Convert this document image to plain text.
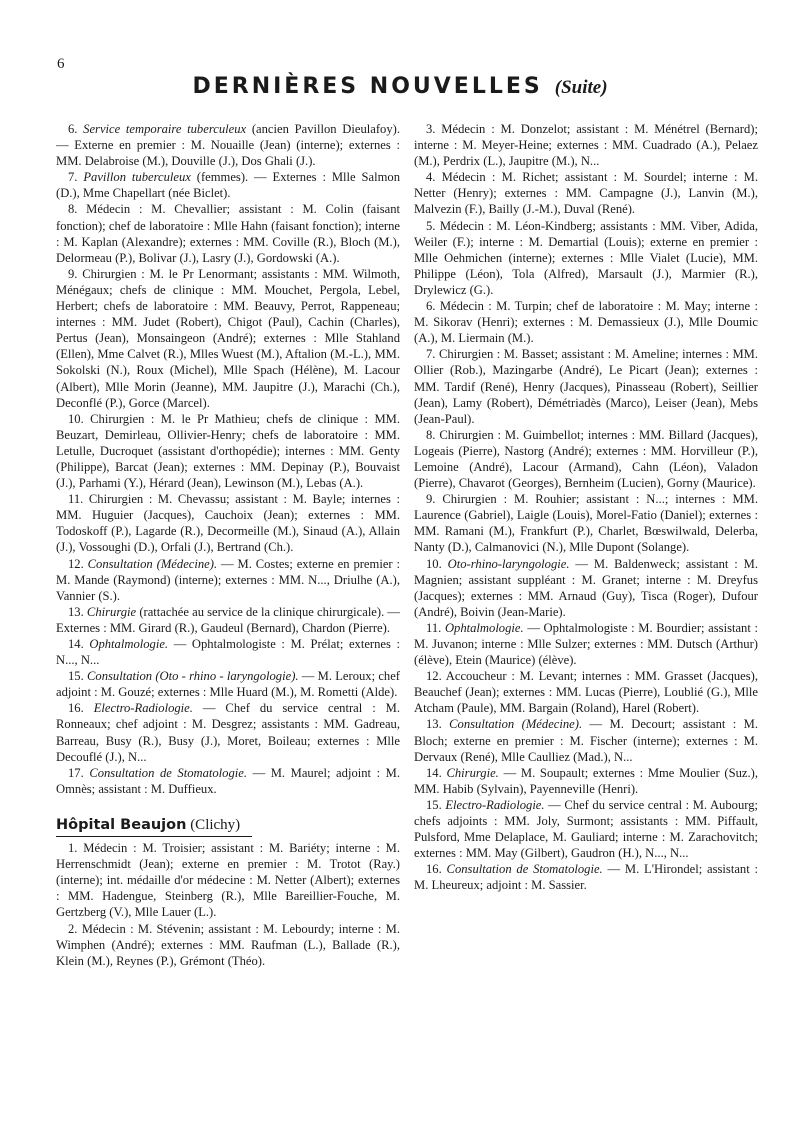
6
DERNIÈRES NOUVELLES (Suite)

6. Service temporaire tuberculeux (ancien Pavillon Dieulafoy). — Externe en premier : M. Nouaille (Jean) (interne); externes : MM. Delabroise (M.), Douville (J.), Dos Ghali (J.).

7. Pavillon tuberculeux (femmes). — Externes : Mlle Salmon (D.), Mme Chapellart (née Biclet).

8. Médecin : M. Chevallier; assistant : M. Colin (faisant fonction); chef de laboratoire : Mlle Hahn (faisant fonction); interne : M. Kaplan (Alexandre); externes : MM. Coville (R.), Bloch (M.), Delormeau (P.), Bolivar (J.), Lasry (J.), Gordowski (A.).

9. Chirurgien : M. le Pr Lenormant; assistants : MM. Wilmoth, Ménégaux; chefs de clinique : MM. Mouchet, Pergola, Lebel, Herbert; chefs de laboratoire : MM. Beauvy, Perrot, Rappeneau; internes : MM. Judet (Robert), Chigot (Paul), Cachin (Charles), Pertus (Jean), Monsaingeon (André); externes : Mlle Stahland (Ellen), Mme Calvet (R.), Mlles Wuest (M.), Aftalion (M.-L.), MM. Sokolski (N.), Roux (Michel), Mlle Spach (Hélène), M. Lacour (Albert), Mlle Morin (Jeanne), MM. Jaupitre (J.), Marachi (Ch.), Deconflé (P.), Gorce (Marcel).

10. Chirurgien : M. le Pr Mathieu; chefs de clinique : MM. Beuzart, Demirleau, Ollivier-Henry; chefs de laboratoire : MM. Letulle, Ducroquet (assistant d'orthopédie); internes : MM. Genty (Philippe), Barcat (Jean); externes : MM. Depinay (P.), Bouvaist (J.), Parhami (Y.), Hérard (Jean), Lewinson (M.), Lebas (A.).

11. Chirurgien : M. Chevassu; assistant : M. Bayle; internes : MM. Huguier (Jacques), Cauchoix (Jean); externes : MM. Todoskoff (P.), Lagarde (R.), Decormeille (M.), Sinaud (A.), Allain (J.), Vossoughi (D.), Orfali (J.), Bertrand (Ch.).

12. Consultation (Médecine). — M. Costes; externe en premier : M. Mande (Raymond) (interne); externes : MM. N..., Driulhe (A.), Vannier (S.).

13. Chirurgie (rattachée au service de la clinique chirurgicale). — Externes : MM. Girard (R.), Gaudeul (Bernard), Chardon (Pierre).

14. Ophtalmologie. — Ophtalmologiste : M. Prélat; externes : N..., N...

15. Consultation (Oto - rhino - laryngologie). — M. Leroux; chef adjoint : M. Gouzé; externes : Mlle Huard (M.), M. Rometti (Alde).

16. Electro-Radiologie. — Chef du service central : M. Ronneaux; chef adjoint : M. Desgrez; assistants : MM. Gadreau, Barreau, Busy (R.), Busy (J.), Moret, Boileau; externes : Mlle Decouflé (J.), N...

17. Consultation de Stomatologie. — M. Maurel; adjoint : M. Omnès; assistant : M. Duffieux.

Hôpital Beaujon (Clichy)

1. Médecin : M. Troisier; assistant : M. Bariéty; interne : M. Herrenschmidt (Jean); externe en premier : M. Trotot (Ray.) (interne); int. médaille d'or médecine : M. Netter (Albert); externes : MM. Hadengue, Steinberg (R.), Mlle Bareillier-Fouche, M. Gertzberg (V.), Mlle Lauer (L.).

2. Médecin : M. Stévenin; assistant : M. Lebourdy; interne : M. Wimphen (André); externes : MM. Raufman (L.), Ballade (R.), Klein (M.), Reynes (P.), Grémont (Théo).

3. Médecin : M. Donzelot; assistant : M. Ménétrel (Bernard); interne : M. Meyer-Heine; externes : MM. Cuadrado (A.), Pelaez (M.), Perdrix (L.), Jaupitre (M.), N...

4. Médecin : M. Richet; assistant : M. Sourdel; interne : M. Netter (Henry); externes : MM. Campagne (J.), Lanvin (M.), Malvezin (F.), Bailly (J.-M.), Duval (René).

5. Médecin : M. Léon-Kindberg; assistants : MM. Viber, Adida, Weiler (F.); interne : M. Demartial (Louis); externe en premier : Mlle Oehmichen (interne); externes : Mlle Vialet (Lucie), MM. Philippe (Léon), Tola (Alfred), Marsault (J.), Marmier (R.), Drylewicz (G.).

6. Médecin : M. Turpin; chef de laboratoire : M. May; interne : M. Sikorav (Henri); externes : M. Demassieux (J.), Mlle Doumic (A.), M. Liermain (M.).

7. Chirurgien : M. Basset; assistant : M. Ameline; internes : MM. Ollier (Rob.), Mazingarbe (André), Le Picart (Jean); externes : MM. Tardif (René), Henry (Jacques), Pinasseau (Robert), Seillier (Jean), Lamy (Robert), Démétriadès (Marco), Leiser (Jean), Mebs (Jean-Paul).

8. Chirurgien : M. Guimbellot; internes : MM. Billard (Jacques), Logeais (Pierre), Nastorg (André); externes : MM. Horvilleur (P.), Lemoine (André), Lacour (Armand), Cahn (Léon), Valadon (Pierre), Chavarot (Georges), Bernheim (Lucien), Gorny (Maurice).

9. Chirurgien : M. Rouhier; assistant : N...; internes : MM. Laurence (Gabriel), Laigle (Louis), Morel-Fatio (Daniel); externes : MM. Ramani (M.), Frankfurt (P.), Charlet, Bœswilwald, Delerba, Nanty (D.), Calmanovici (N.), Mlle Dupont (Solange).

10. Oto-rhino-laryngologie. — M. Baldenweck; assistant : M. Magnien; assistant suppléant : M. Granet; interne : M. Dreyfus (Jacques); externes : MM. Arnaud (Guy), Tisca (Roger), Dufour (André), Boivin (Jean-Marie).

11. Ophtalmologie. — Ophtalmologiste : M. Bourdier; assistant : M. Juvanon; interne : Mlle Sulzer; externes : MM. Dutsch (Arthur) (élève), Etein (Maurice) (élève).

12. Accoucheur : M. Levant; internes : MM. Grasset (Jacques), Beauchef (Jean); externes : MM. Lucas (Pierre), Loublié (G.), Mlle Atcham (Paule), MM. Bargain (Roland), Harel (Robert).

13. Consultation (Médecine). — M. Decourt; assistant : M. Bloch; externe en premier : M. Fischer (interne); externes : M. Dervaux (René), Mlle Caulliez (Mad.), N...

14. Chirurgie. — M. Soupault; externes : Mme Moulier (Suz.), MM. Habib (Sylvain), Payenneville (Henri).

15. Electro-Radiologie. — Chef du service central : M. Aubourg; chefs adjoints : MM. Joly, Surmont; assistants : MM. Piffault, Pulsford, Mme Delaplace, M. Gauliard; interne : M. Zarachovitch; externes : MM. May (Gilbert), Gaudron (H.), N..., N...

16. Consultation de Stomatologie. — M. L'Hirondel; assistant : M. Lheureux; adjoint : M. Sassier.
